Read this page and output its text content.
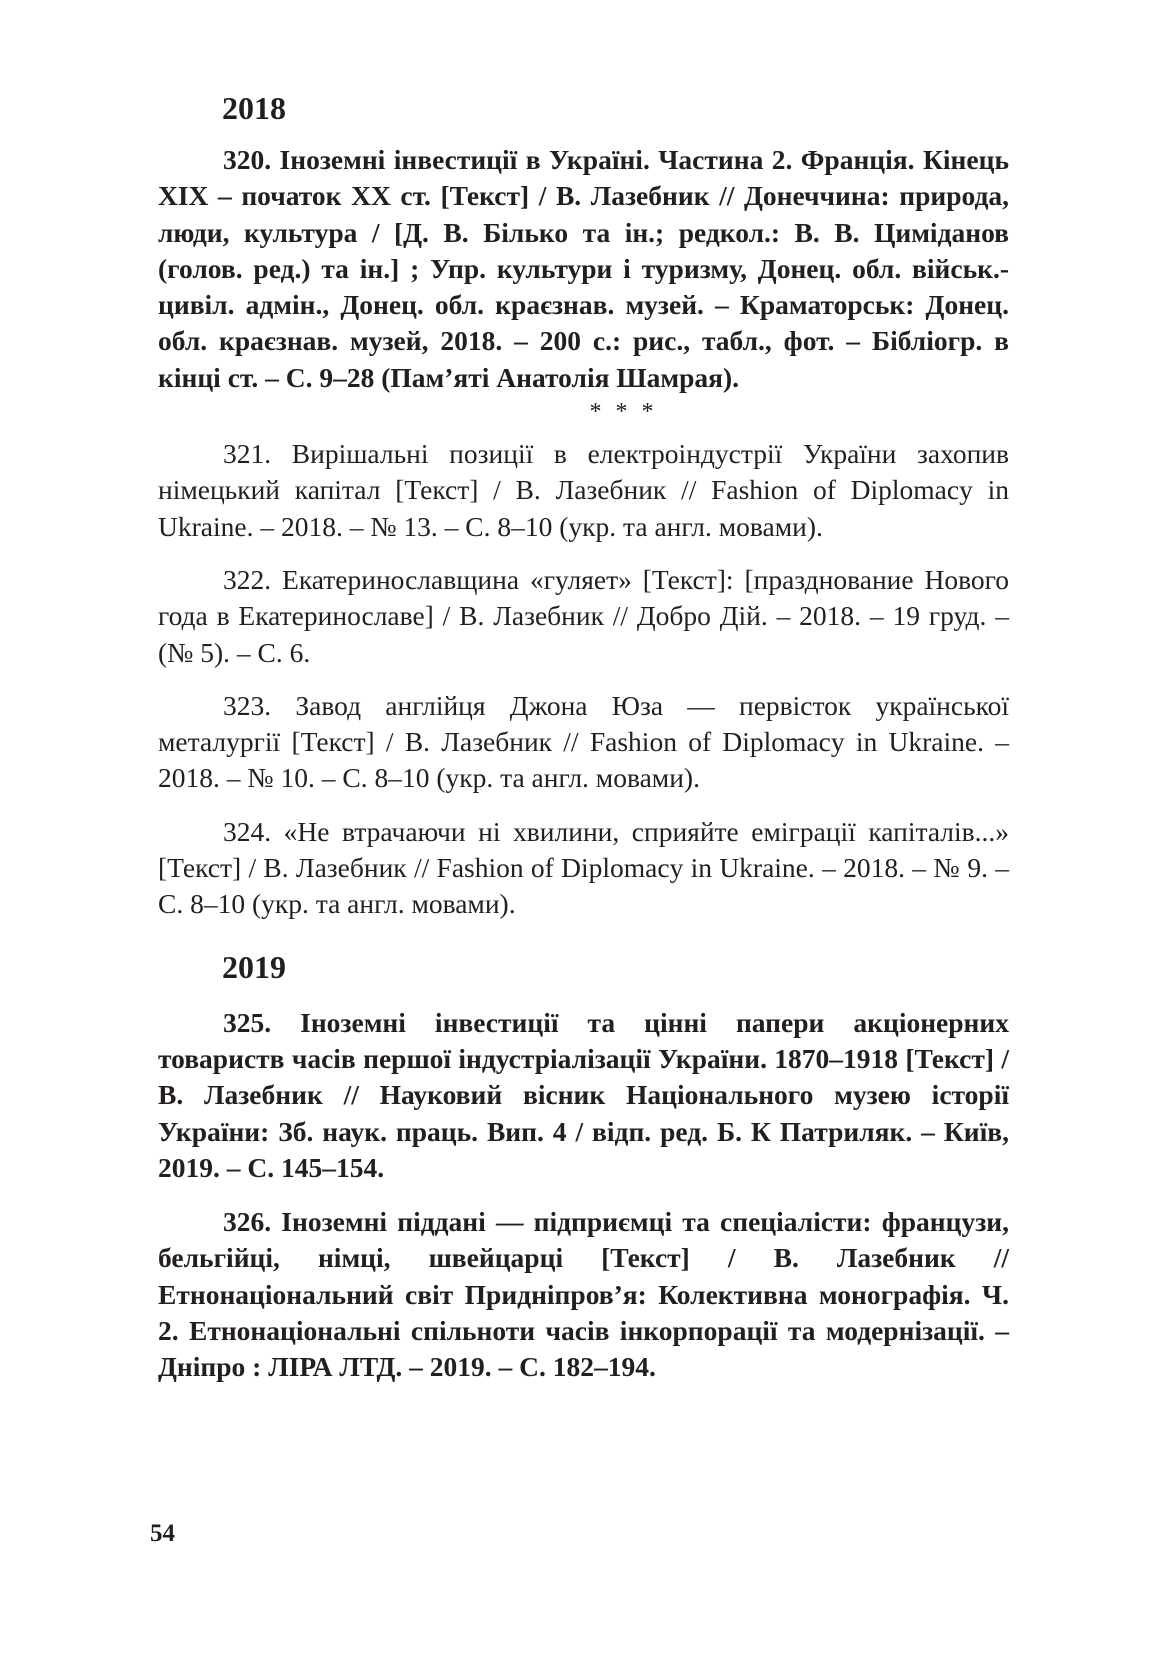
2018

320. Іноземні інвестиції в Україні. Частина 2. Франція. Кінець ХІХ – початок ХХ ст. [Текст] / В. Лазебник // Донеччина: природа, люди, культура / [Д. В. Білько та ін.; редкол.: В. В. Циміданов (голов. ред.) та ін.] ; Упр. культури і туризму, Донец. обл. військ.-цивіл. адмін., Донец. обл. краєзнав. музей. – Краматорськ: Донец. обл. краєзнав. музей, 2018. – 200 с.: рис., табл., фот. – Бібліогр. в кінці ст. – С. 9–28 (Пам’яті Анатолія Шамрая).

* * *

321. Вирішальні позиції в електроіндустрії України захопив німецький капітал [Текст] / В. Лазебник // Fashion of Diplomacy in Ukraine. – 2018. – № 13. – С. 8–10 (укр. та англ. мовами).

322. Екатеринославщина «гуляет» [Текст]: [празднование Нового года в Екатеринославе] / В. Лазебник // Добро Дій. – 2018. – 19 груд. – (№ 5). – С. 6.

323. Завод англійця Джона Юза — первісток української металургії [Текст] / В. Лазебник // Fashion of Diplomacy in Ukraine. – 2018. – № 10. – С. 8–10 (укр. та англ. мовами).

324. «Не втрачаючи ні хвилини, сприяйте еміграції капіталів...» [Текст] / В. Лазебник // Fashion of Diplomacy in Ukraine. – 2018. – № 9. – С. 8–10 (укр. та англ. мовами).

2019

325. Іноземні інвестиції та цінні папери акціонерних товариств часів першої індустріалізації України. 1870–1918 [Текст] / В. Лазебник // Науковий вісник Національного музею історії України: Зб. наук. праць. Вип. 4 / відп. ред. Б. К Патриляк. – Київ, 2019. – С. 145–154.

326. Іноземні піддані — підприємці та спеціалісти: французи, бельгійці, німці, швейцарці [Текст] / В. Лазебник // Етнонаціональний світ Придніпров’я: Колективна монографія. Ч. 2. Етнонаціональні спільноти часів інкорпорації та модернізації. – Дніпро : ЛІРА ЛТД. – 2019. – С. 182–194.

54
